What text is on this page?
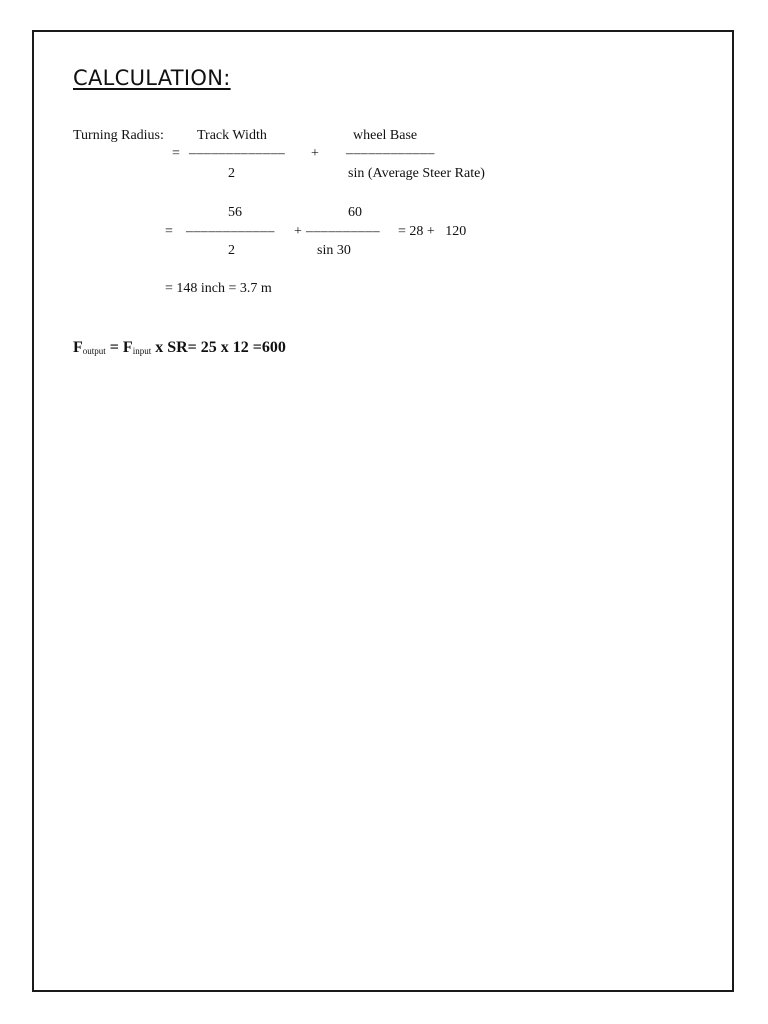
CALCULATION:
Turning Radius: Track Width	wheel Base
= ––––––––––––– + ––––––––––––
2	sin (Average Steer Rate)
56	60
= –––––––––––– + –––––––––– = 28 +   120
2	sin 30
= 148 inch = 3.7 m
$F_{output} = F_{input}$ x SR= 25 x 12 =600
